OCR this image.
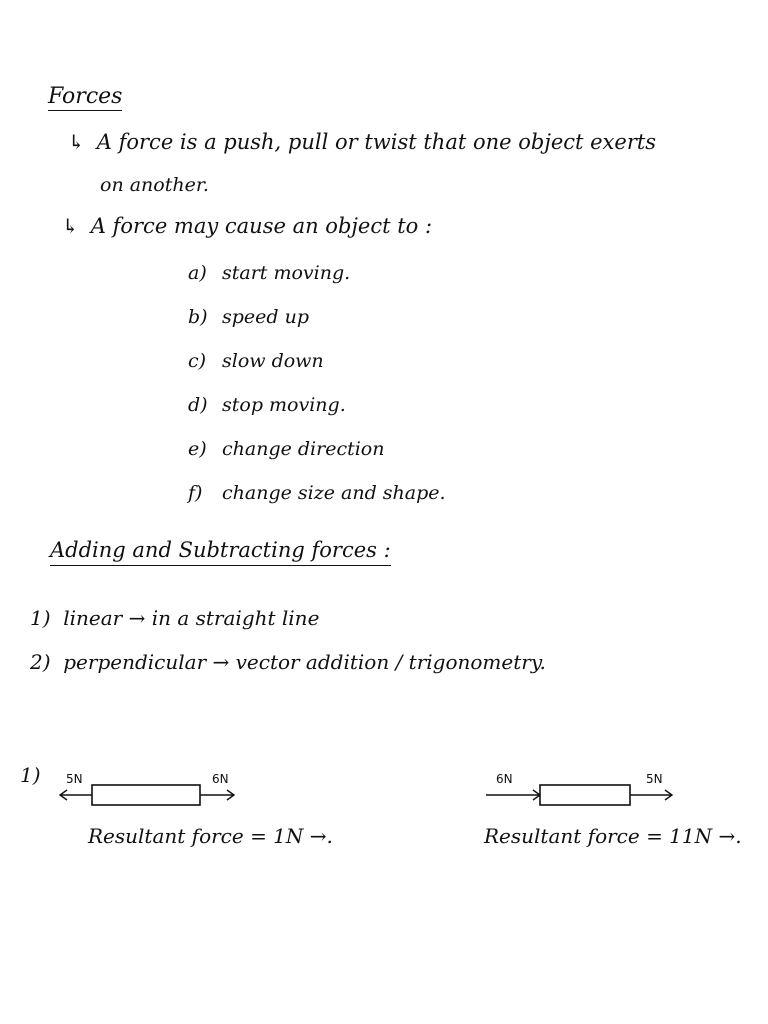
Forces
↳ A force is a push, pull or twist that one object exerts
on another.
↳ A force may cause an object to :
a) start moving.
b) speed up
c) slow down
d) stop moving.
e) change direction
f) change size and shape.
Adding and Subtracting forces :
1) linear → in a straight line
2) perpendicular → vector addition / trigonometry.
1) 5N	6N	6N	5N
Resultant force = 1N →.	Resultant force = 11N →.
